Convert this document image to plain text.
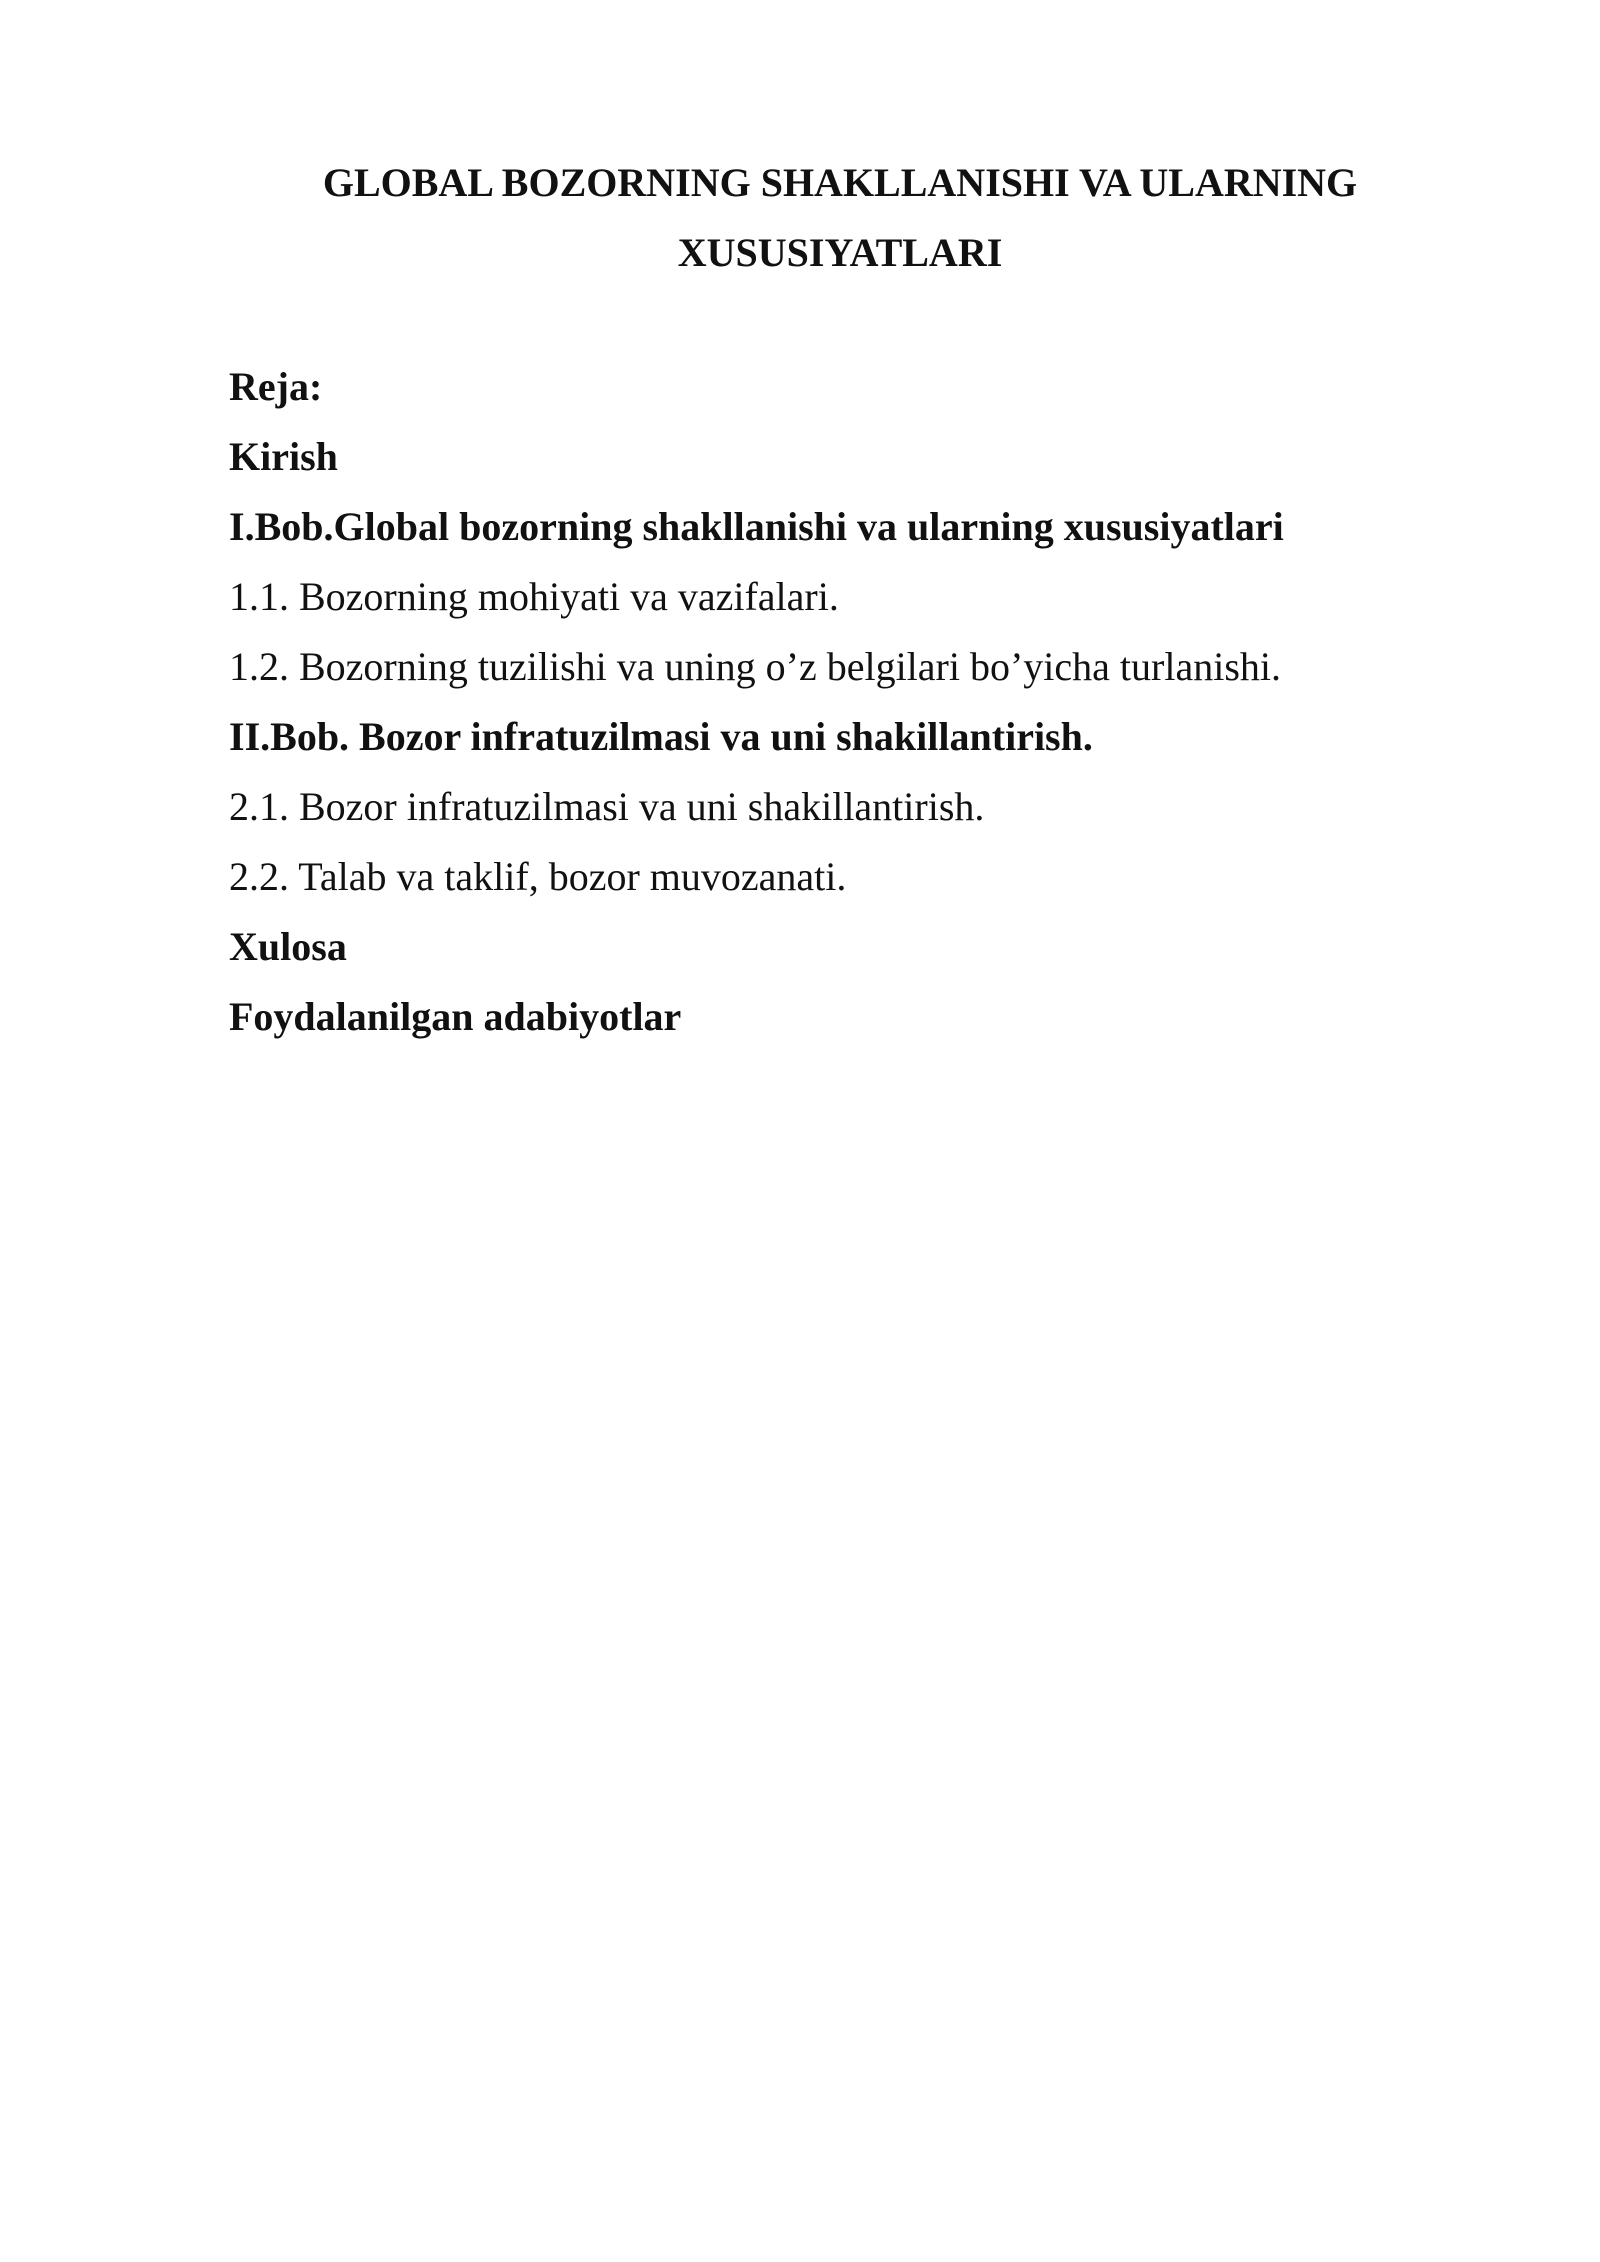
GLOBAL BOZORNING SHAKLLANISHI VA ULARNING
XUSUSIYATLARI

Reja:

Kirish

I.Bob.Global bozorning shakllanishi va ularning xususiyatlari

1.1. Bozorning mohiyati va vazifalari.

1.2. Bozorning tuzilishi va uning o’z belgilari bo’yicha turlanishi.

II.Bob. Bozor infratuzilmasi va uni shakillantirish.

2.1. Bozor infratuzilmasi va uni shakillantirish.

2.2. Talab va taklif, bozor muvozanati.

Xulosa

Foydalanilgan adabiyotlar
